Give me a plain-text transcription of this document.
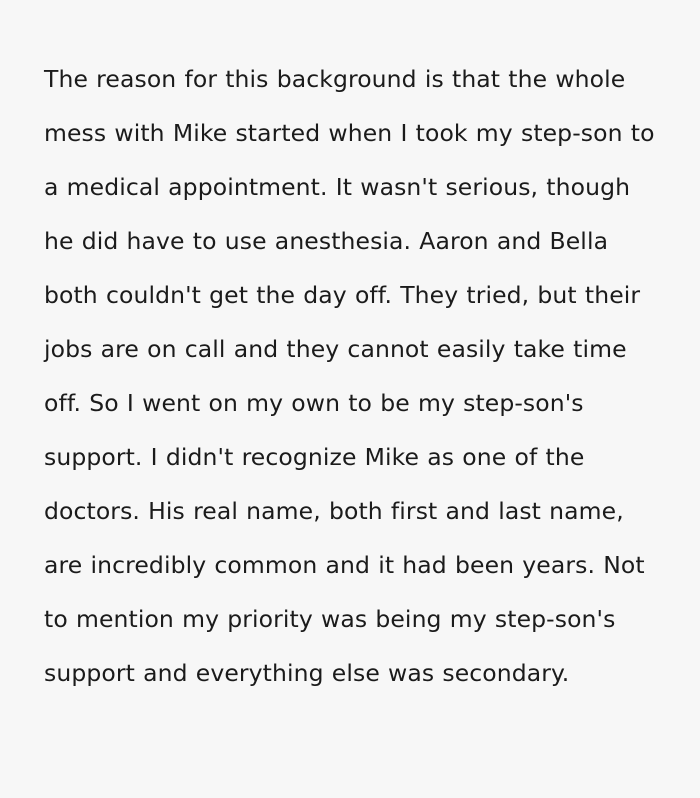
The reason for this background is that the whole mess with Mike started when I took my step-son to a medical appointment. It wasn't serious, though he did have to use anesthesia. Aaron and Bella both couldn't get the day off. They tried, but their jobs are on call and they cannot easily take time off. So I went on my own to be my step-son's support. I didn't recognize Mike as one of the doctors. His real name, both first and last name, are incredibly common and it had been years. Not to mention my priority was being my step-son's support and everything else was secondary.
